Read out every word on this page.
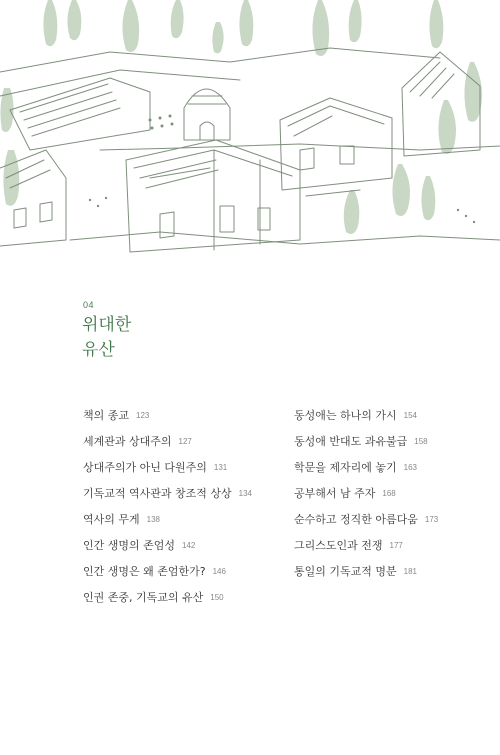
04
위대한
유산
책의 종교 123
세계관과 상대주의 127
상대주의가 아닌 다원주의 131
기독교적 역사관과 창조적 상상 134
역사의 무게 138
인간 생명의 존엄성 142
인간 생명은 왜 존엄한가? 146
인권 존중, 기독교의 유산 150
동성애는 하나의 가시 154
동성애 반대도 과유불급 158
학문을 제자리에 놓기 163
공부해서 남 주자 168
순수하고 정직한 아름다움 173
그리스도인과 전쟁 177
통일의 기독교적 명분 181
